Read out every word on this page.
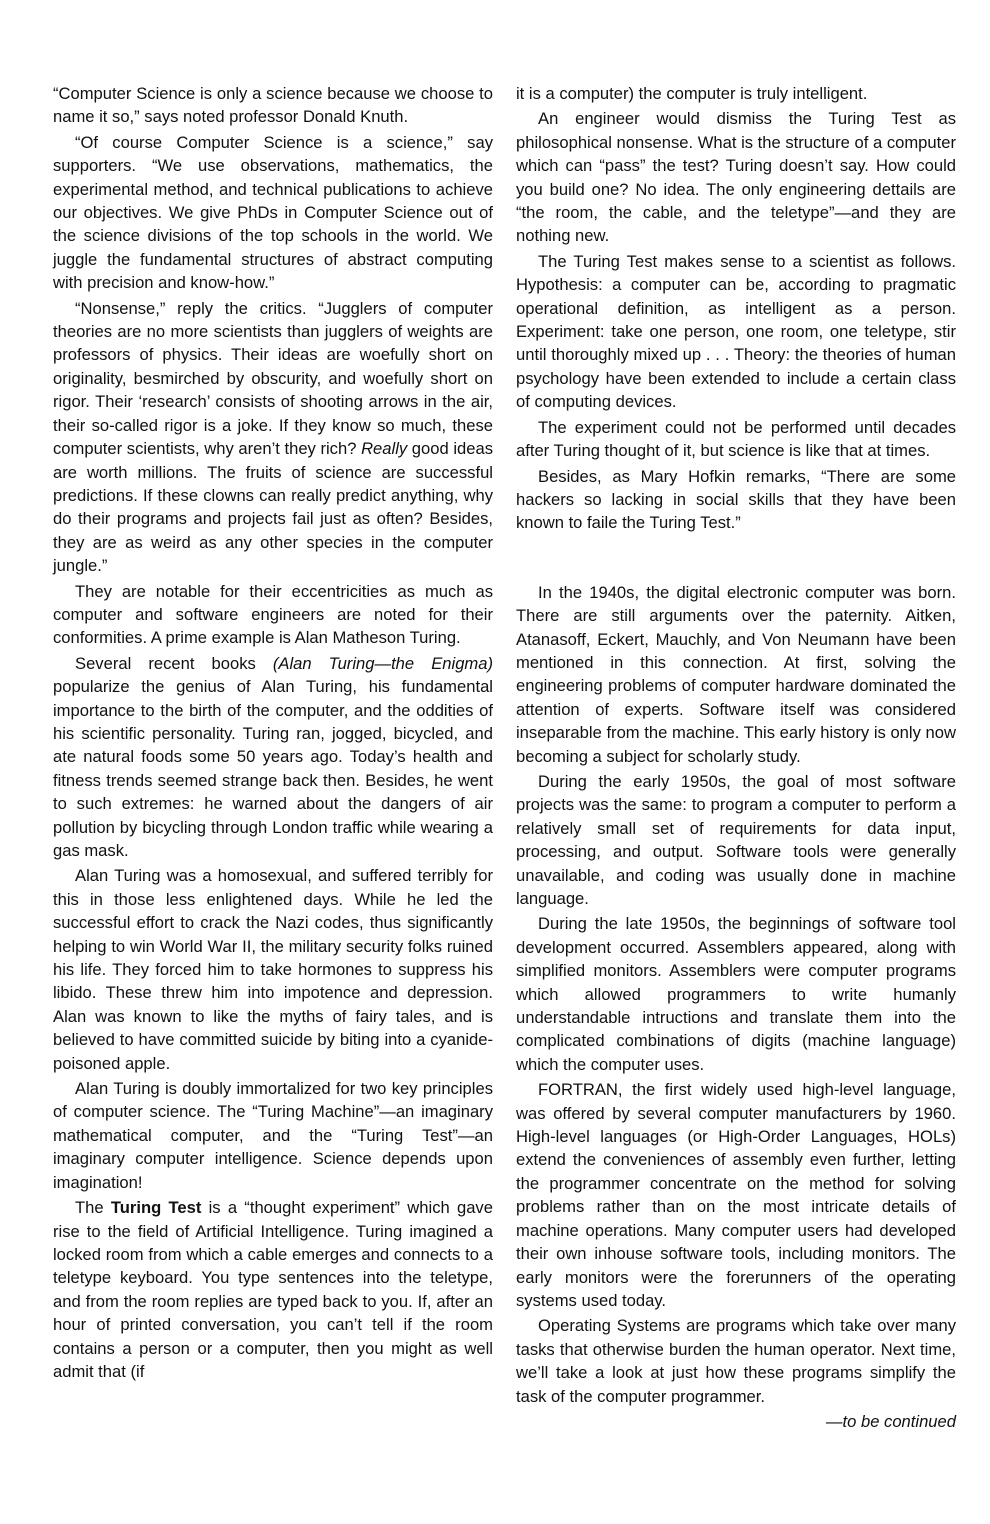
“Computer Science is only a science because we choose to name it so,” says noted professor Donald Knuth.

“Of course Computer Science is a science,” say supporters. “We use observations, mathematics, the experimental method, and technical publications to achieve our objectives. We give PhDs in Computer Science out of the science divisions of the top schools in the world. We juggle the fundamental structures of abstract computing with precision and know-how.”

“Nonsense,” reply the critics. “Jugglers of computer theories are no more scientists than jugglers of weights are professors of physics. Their ideas are woefully short on originality, besmirched by obscurity, and woefully short on rigor. Their ‘research’ consists of shooting arrows in the air, their so-called rigor is a joke. If they know so much, these computer scientists, why aren’t they rich? Really good ideas are worth millions. The fruits of science are successful predictions. If these clowns can really predict anything, why do their programs and projects fail just as often? Besides, they are as weird as any other species in the computer jungle.”

They are notable for their eccentricities as much as computer and software engineers are noted for their conformities. A prime example is Alan Matheson Turing.

Several recent books (Alan Turing—the Enigma) popularize the genius of Alan Turing, his fundamental importance to the birth of the computer, and the oddities of his scientific personality. Turing ran, jogged, bicycled, and ate natural foods some 50 years ago. Today’s health and fitness trends seemed strange back then. Besides, he went to such extremes: he warned about the dangers of air pollution by bicycling through London traffic while wearing a gas mask.

Alan Turing was a homosexual, and suffered terribly for this in those less enlightened days. While he led the successful effort to crack the Nazi codes, thus significantly helping to win World War II, the military security folks ruined his life. They forced him to take hormones to suppress his libido. These threw him into impotence and depression. Alan was known to like the myths of fairy tales, and is believed to have committed suicide by biting into a cyanide-poisoned apple.

Alan Turing is doubly immortalized for two key principles of computer science. The “Turing Machine”—an imaginary mathematical computer, and the “Turing Test”—an imaginary computer intelligence. Science depends upon imagination!

The Turing Test is a “thought experiment” which gave rise to the field of Artificial Intelligence. Turing imagined a locked room from which a cable emerges and connects to a teletype keyboard. You type sentences into the teletype, and from the room replies are typed back to you. If, after an hour of printed conversation, you can’t tell if the room contains a person or a computer, then you might as well admit that (if

it is a computer) the computer is truly intelligent.

An engineer would dismiss the Turing Test as philosophical nonsense. What is the structure of a computer which can “pass” the test? Turing doesn’t say. How could you build one? No idea. The only engineering dettails are “the room, the cable, and the teletype”—and they are nothing new.

The Turing Test makes sense to a scientist as follows. Hypothesis: a computer can be, according to pragmatic operational definition, as intelligent as a person. Experiment: take one person, one room, one teletype, stir until thoroughly mixed up . . . Theory: the theories of human psychology have been extended to include a certain class of computing devices.

The experiment could not be performed until decades after Turing thought of it, but science is like that at times.

Besides, as Mary Hofkin remarks, “There are some hackers so lacking in social skills that they have been known to faile the Turing Test.”

In the 1940s, the digital electronic computer was born. There are still arguments over the paternity. Aitken, Atanasoff, Eckert, Mauchly, and Von Neumann have been mentioned in this connection. At first, solving the engineering problems of computer hardware dominated the attention of experts. Software itself was considered inseparable from the machine. This early history is only now becoming a subject for scholarly study.

During the early 1950s, the goal of most software projects was the same: to program a computer to perform a relatively small set of requirements for data input, processing, and output. Software tools were generally unavailable, and coding was usually done in machine language.

During the late 1950s, the beginnings of software tool development occurred. Assemblers appeared, along with simplified monitors. Assemblers were computer programs which allowed programmers to write humanly understandable intructions and translate them into the complicated combinations of digits (machine language) which the computer uses.

FORTRAN, the first widely used high-level language, was offered by several computer manufacturers by 1960. High-level languages (or High-Order Languages, HOLs) extend the conveniences of assembly even further, letting the programmer concentrate on the method for solving problems rather than on the most intricate details of machine operations. Many computer users had developed their own inhouse software tools, including monitors. The early monitors were the forerunners of the operating systems used today.

Operating Systems are programs which take over many tasks that otherwise burden the human operator. Next time, we’ll take a look at just how these programs simplify the task of the computer programmer.

—to be continued
